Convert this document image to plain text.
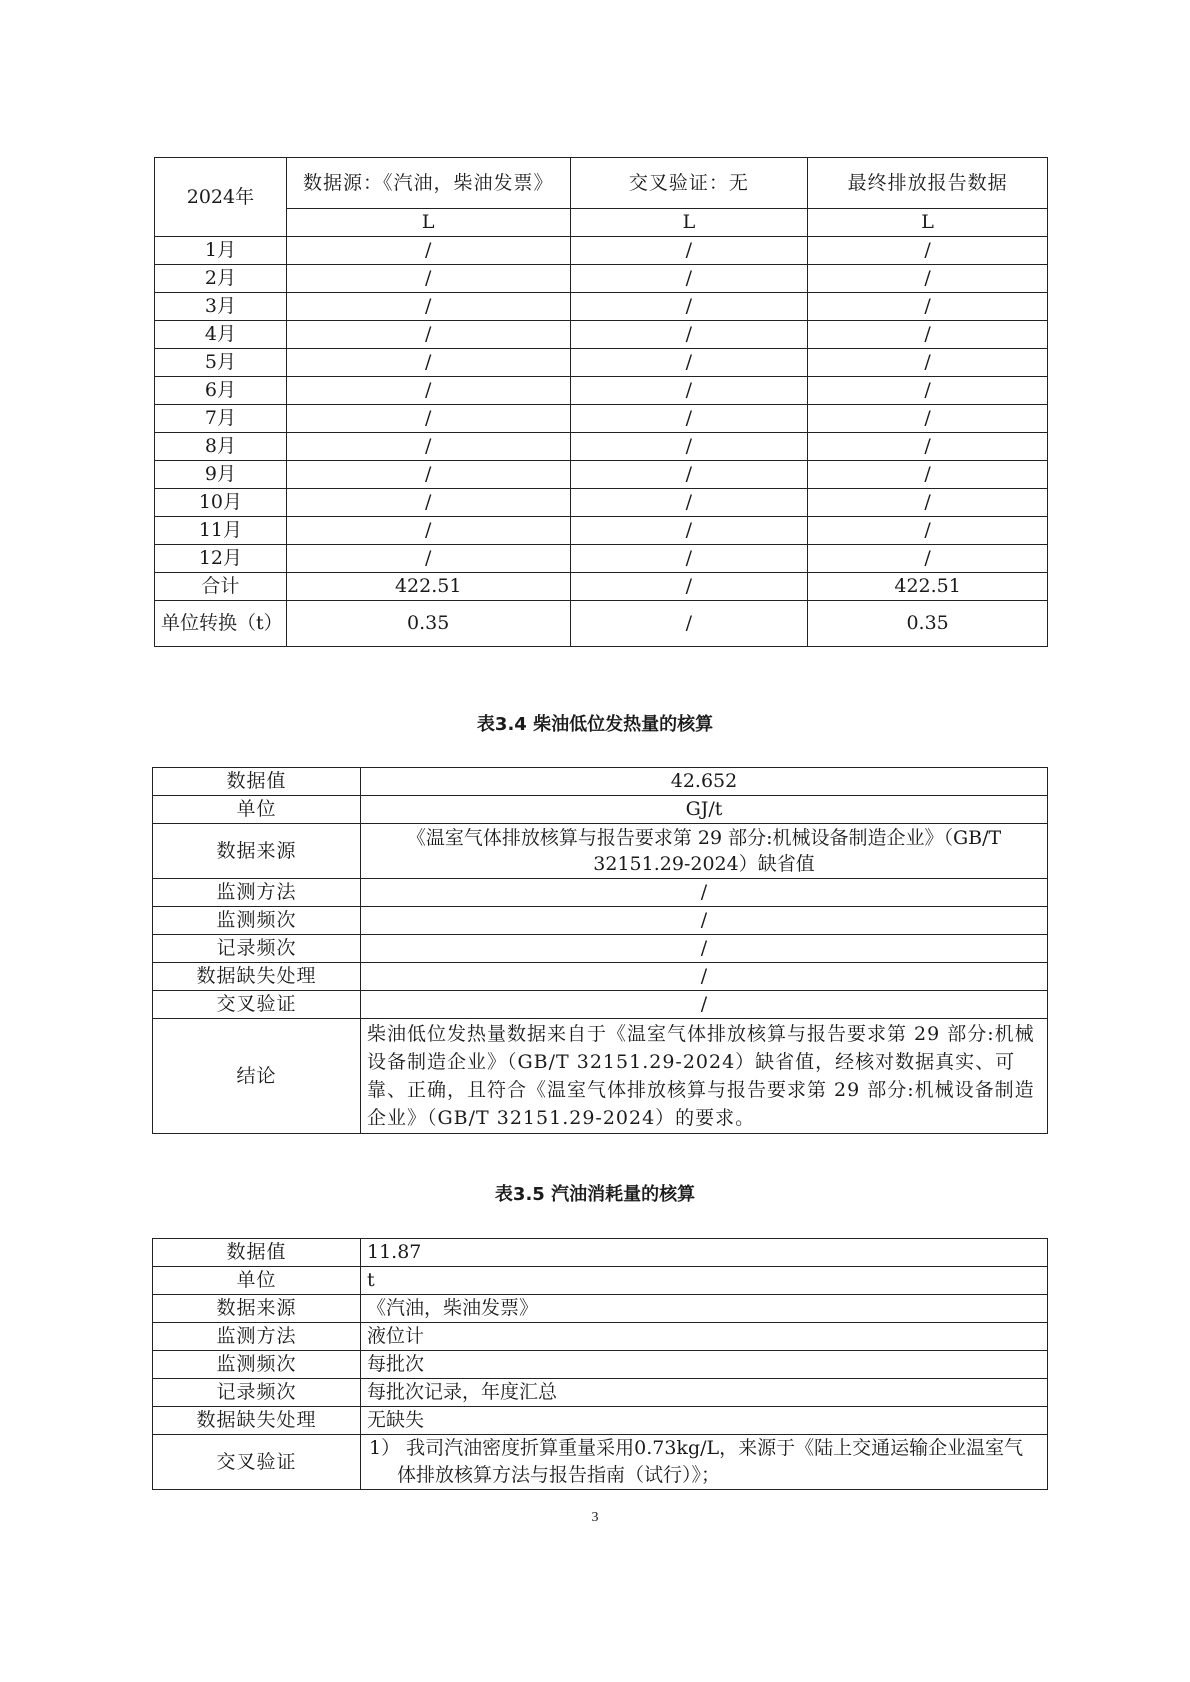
2024年	数据源：《汽油，柴油发票》	交叉验证：无	最终排放报告数据
	L	L	L
1月	/	/	/
2月	/	/	/
3月	/	/	/
4月	/	/	/
5月	/	/	/
6月	/	/	/
7月	/	/	/
8月	/	/	/
9月	/	/	/
10月	/	/	/
11月	/	/	/
12月	/	/	/
合计	422.51	/	422.51
单位转换（t）	0.35	/	0.35
表3.4 柴油低位发热量的核算
数据值	42.652
单位	GJ/t
数据来源	《温室气体排放核算与报告要求第 29 部分:机械设备制造企业》（GB/T 32151.29-2024）缺省值
监测方法	/
监测频次	/
记录频次	/
数据缺失处理	/
交叉验证	/
结论	柴油低位发热量数据来自于《温室气体排放核算与报告要求第 29 部分:机械设备制造企业》（GB/T 32151.29-2024）缺省值，经核对数据真实、可靠、正确，且符合《温室气体排放核算与报告要求第 29 部分:机械设备制造企业》（GB/T 32151.29-2024）的要求。
表3.5 汽油消耗量的核算
数据值	11.87
单位	t
数据来源	《汽油，柴油发票》
监测方法	液位计
监测频次	每批次
记录频次	每批次记录，年度汇总
数据缺失处理	无缺失
交叉验证	1） 我司汽油密度折算重量采用0.73kg/L，来源于《陆上交通运输企业温室气体排放核算方法与报告指南（试行）》；
3
